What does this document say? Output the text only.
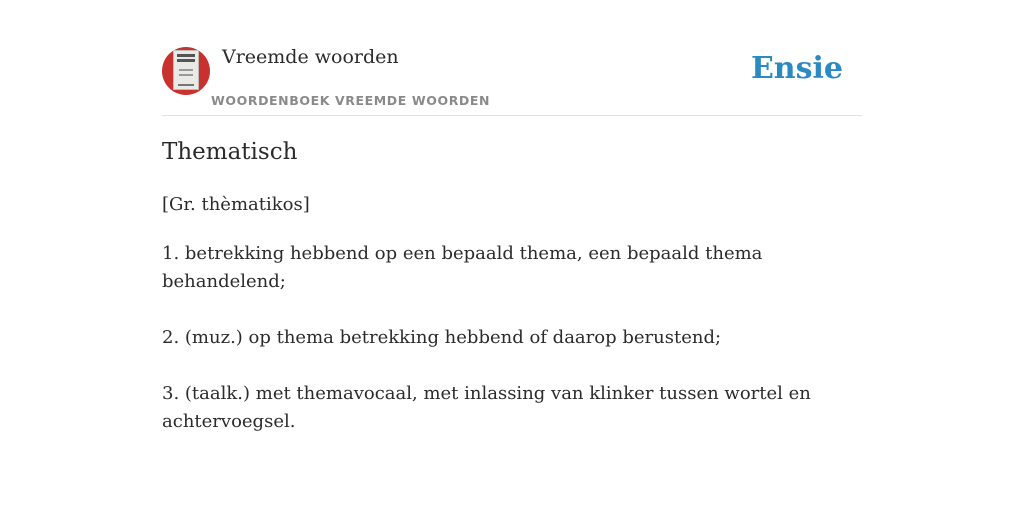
Vreemde woorden
WOORDENBOEK VREEMDE WOORDEN
Ensie
Thematisch

[Gr. thèmatikos]

1. betrekking hebbend op een bepaald thema, een bepaald thema behandelend;

2. (muz.) op thema betrekking hebbend of daarop berustend;

3. (taalk.) met themavocaal, met inlassing van klinker tussen wortel en achtervoegsel.
